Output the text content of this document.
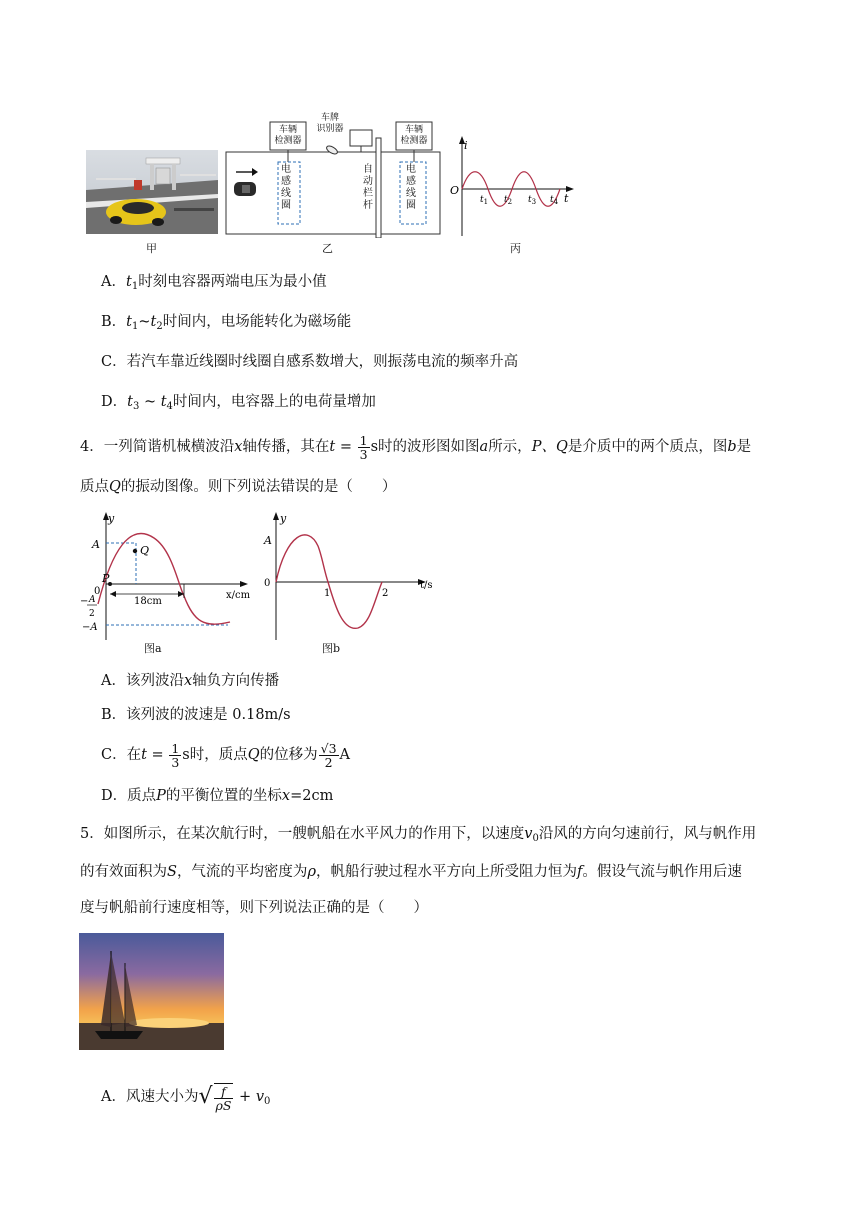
甲
车辆
检测器
车辆
检测器
车牌
识别器
电
感
线
圈
电
感
线
圈
自
动
栏
杆
乙
i
O
t
$t_1$ $t_2$ $t_3$ $t_4$
丙
A．$t_1$时刻电容器两端电压为最小值
B．$t_1\sim t_2$时间内，电场能转化为磁场能
C．若汽车靠近线圈时线圈自感系数增大，则振荡电流的频率升高
D．$t_3$ ~ $t_4$时间内，电容器上的电荷量增加
4．一列简谐机械横波沿x轴传播，其在$t = \frac{1}{3}$ s时的波形图如图a所示，P、Q是介质中的两个质点，图b是
质点Q的振动图像。则下列说法错误的是（　　）
y
A	Q
P
0
− A
2
−A
18cm
x/cm
图a
y
A
0
1	2
t/s
图b
A．该列波沿x轴负方向传播
B．该列波的波速是 0.18m/s
C．在$t = \frac{1}{3}$ s时，质点Q的位移为 $\frac{√3}{2}$ A
D．质点P的平衡位置的坐标x=2cm
5．如图所示，在某次航行时，一艘帆船在水平风力的作用下，以速度$v_0$沿风的方向匀速前行，风与帆作用
的有效面积为S，气流的平均密度为ρ，帆船行驶过程水平方向上所受阻力恒为f。假设气流与帆作用后速
度与帆船前行速度相等，则下列说法正确的是（　　）
A．风速大小为√ $\frac{f}{\rho S} + v_0$
